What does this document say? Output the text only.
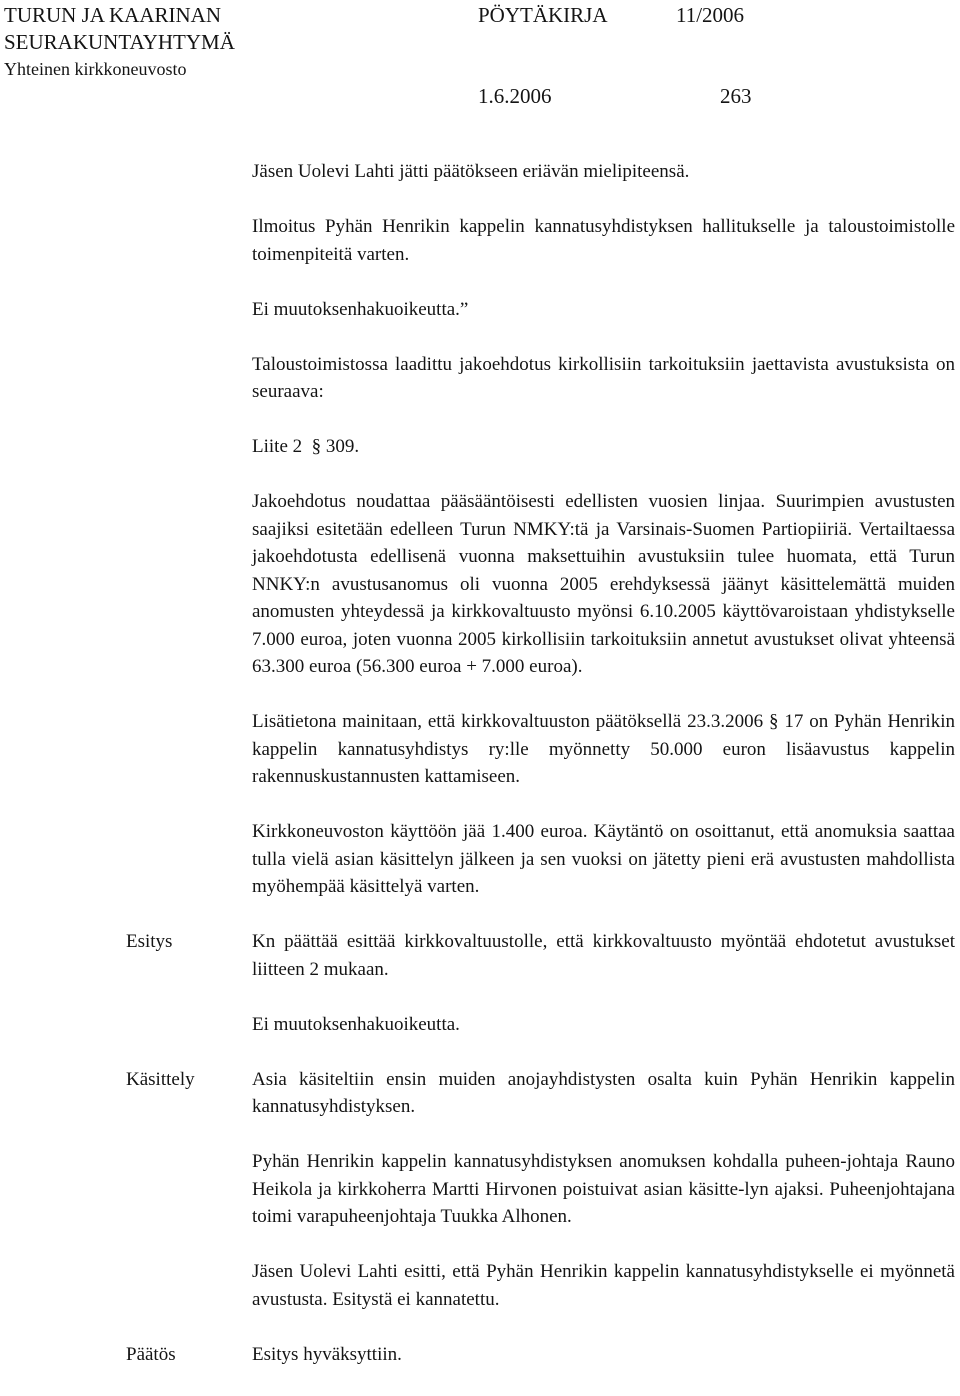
TURUN JA KAARINAN
SEURAKUNTAYHTYMÄ
Yhteinen kirkkoneuvosto
PÖYTÄKIRJA	11/2006
1.6.2006	263

Jäsen Uolevi Lahti jätti päätökseen eriävän mielipiteensä.

Ilmoitus Pyhän Henrikin kappelin kannatusyhdistyksen hallitukselle ja taloustoimistolle toimenpiteitä varten.

Ei muutoksenhakuoikeutta.”

Taloustoimistossa laadittu jakoehdotus kirkollisiin tarkoituksiin jaettavista avustuksista on seuraava:

Liite 2 § 309.

Jakoehdotus noudattaa pääsääntöisesti edellisten vuosien linjaa. Suurimpien avustusten saajiksi esitetään edelleen Turun NMKY:tä ja Varsinais-Suomen Partiopiiriä. Vertailtaessa jakoehdotusta edellisenä vuonna maksettuihin avustuksiin tulee huomata, että Turun NNKY:n avustusanomus oli vuonna 2005 erehdyksessä jäänyt käsittelemättä muiden anomusten yhteydessä ja kirkkovaltuusto myönsi 6.10.2005 käyttövaroistaan yhdistykselle 7.000 euroa, joten vuonna 2005 kirkollisiin tarkoituksiin annetut avustukset olivat yhteensä 63.300 euroa (56.300 euroa + 7.000 euroa).

Lisätietona mainitaan, että kirkkovaltuuston päätöksellä 23.3.2006 § 17 on Pyhän Henrikin kappelin kannatusyhdistys ry:lle myönnetty 50.000 euron lisäavustus kappelin rakennuskustannusten kattamiseen.

Kirkkoneuvoston käyttöön jää 1.400 euroa. Käytäntö on osoittanut, että anomuksia saattaa tulla vielä asian käsittelyn jälkeen ja sen vuoksi on jätetty pieni erä avustusten mahdollista myöhempää käsittelyä varten.

Esitys	Kn päättää esittää kirkkovaltuustolle, että kirkkovaltuusto myöntää ehdotetut avustukset liitteen 2 mukaan.

Ei muutoksenhakuoikeutta.

Käsittely	Asia käsiteltiin ensin muiden anojayhdistysten osalta kuin Pyhän Henrikin kappelin kannatusyhdistyksen.

Pyhän Henrikin kappelin kannatusyhdistyksen anomuksen kohdalla puheen-johtaja Rauno Heikola ja kirkkoherra Martti Hirvonen poistuivat asian käsitte-lyn ajaksi. Puheenjohtajana toimi varapuheenjohtaja Tuukka Alhonen.

Jäsen Uolevi Lahti esitti, että Pyhän Henrikin kappelin kannatusyhdistykselle ei myönnetä avustusta. Esitystä ei kannatettu.

Päätös	Esitys hyväksyttiin.
